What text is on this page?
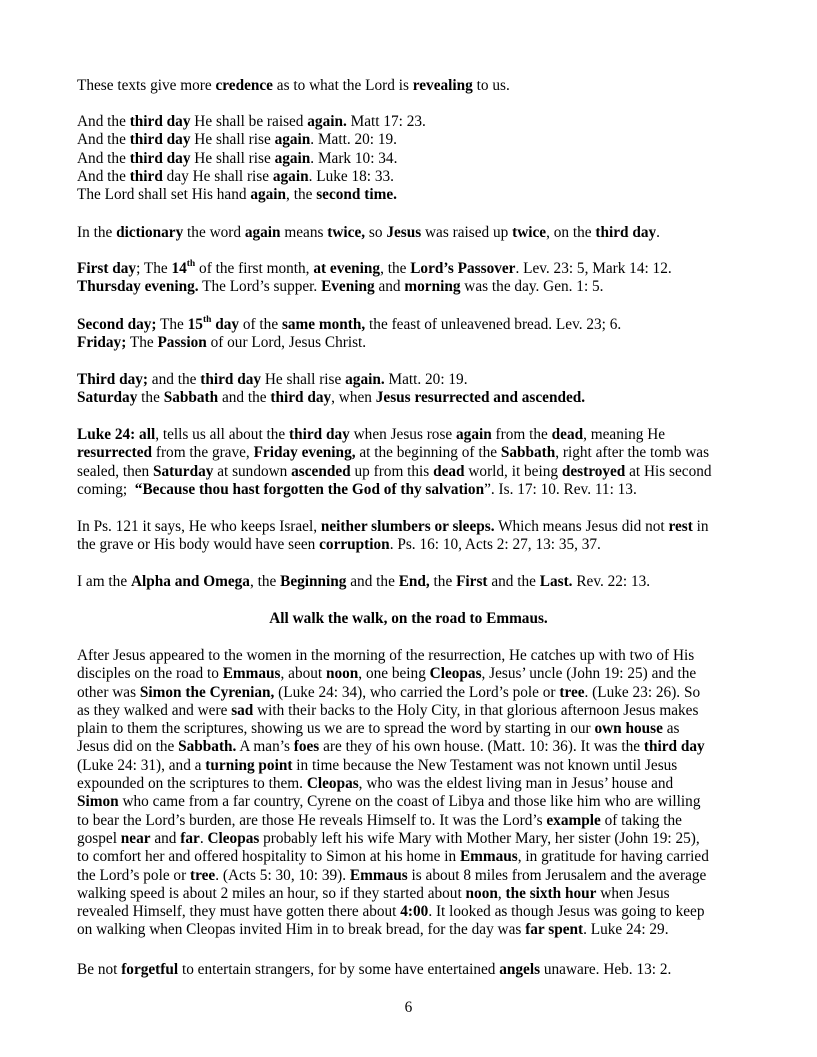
These texts give more credence as to what the Lord is revealing to us.
And the third day He shall be raised again. Matt 17: 23.
And the third day He shall rise again. Matt. 20: 19.
And the third day He shall rise again. Mark 10: 34.
And the third day He shall rise again. Luke 18: 33.
The Lord shall set His hand again, the second time.
In the dictionary the word again means twice, so Jesus was raised up twice, on the third day.
First day; The 14th of the first month, at evening, the Lord’s Passover. Lev. 23: 5, Mark 14: 12.
Thursday evening. The Lord’s supper. Evening and morning was the day. Gen. 1: 5.
Second day; The 15th day of the same month, the feast of unleavened bread. Lev. 23; 6.
Friday; The Passion of our Lord, Jesus Christ.
Third day; and the third day He shall rise again. Matt. 20: 19.
Saturday the Sabbath and the third day, when Jesus resurrected and ascended.
Luke 24: all, tells us all about the third day when Jesus rose again from the dead, meaning He
resurrected from the grave, Friday evening, at the beginning of the Sabbath, right after the tomb was
sealed, then Saturday at sundown ascended up from this dead world, it being destroyed at His second
coming;  “Because thou hast forgotten the God of thy salvation”. Is. 17: 10. Rev. 11: 13.
In Ps. 121 it says, He who keeps Israel, neither slumbers or sleeps. Which means Jesus did not rest in
the grave or His body would have seen corruption. Ps. 16: 10, Acts 2: 27, 13: 35, 37.
I am the Alpha and Omega, the Beginning and the End, the First and the Last. Rev. 22: 13.
After Jesus appeared to the women in the morning of the resurrection, He catches up with two of His
disciples on the road to Emmaus, about noon, one being Cleopas, Jesus’ uncle (John 19: 25) and the
other was Simon the Cyrenian, (Luke 24: 34), who carried the Lord’s pole or tree. (Luke 23: 26). So
as they walked and were sad with their backs to the Holy City, in that glorious afternoon Jesus makes
plain to them the scriptures, showing us we are to spread the word by starting in our own house as
Jesus did on the Sabbath. A man’s foes are they of his own house. (Matt. 10: 36). It was the third day
(Luke 24: 31), and a turning point in time because the New Testament was not known until Jesus
expounded on the scriptures to them. Cleopas, who was the eldest living man in Jesus’ house and
Simon who came from a far country, Cyrene on the coast of Libya and those like him who are willing
to bear the Lord’s burden, are those He reveals Himself to. It was the Lord’s example of taking the
gospel near and far. Cleopas probably left his wife Mary with Mother Mary, her sister (John 19: 25),
to comfort her and offered hospitality to Simon at his home in Emmaus, in gratitude for having carried
the Lord’s pole or tree. (Acts 5: 30, 10: 39). Emmaus is about 8 miles from Jerusalem and the average
walking speed is about 2 miles an hour, so if they started about noon, the sixth hour when Jesus
revealed Himself, they must have gotten there about 4:00. It looked as though Jesus was going to keep
on walking when Cleopas invited Him in to break bread, for the day was far spent. Luke 24: 29.
Be not forgetful to entertain strangers, for by some have entertained angels unaware. Heb. 13: 2.
All walk the walk, on the road to Emmaus.
6
